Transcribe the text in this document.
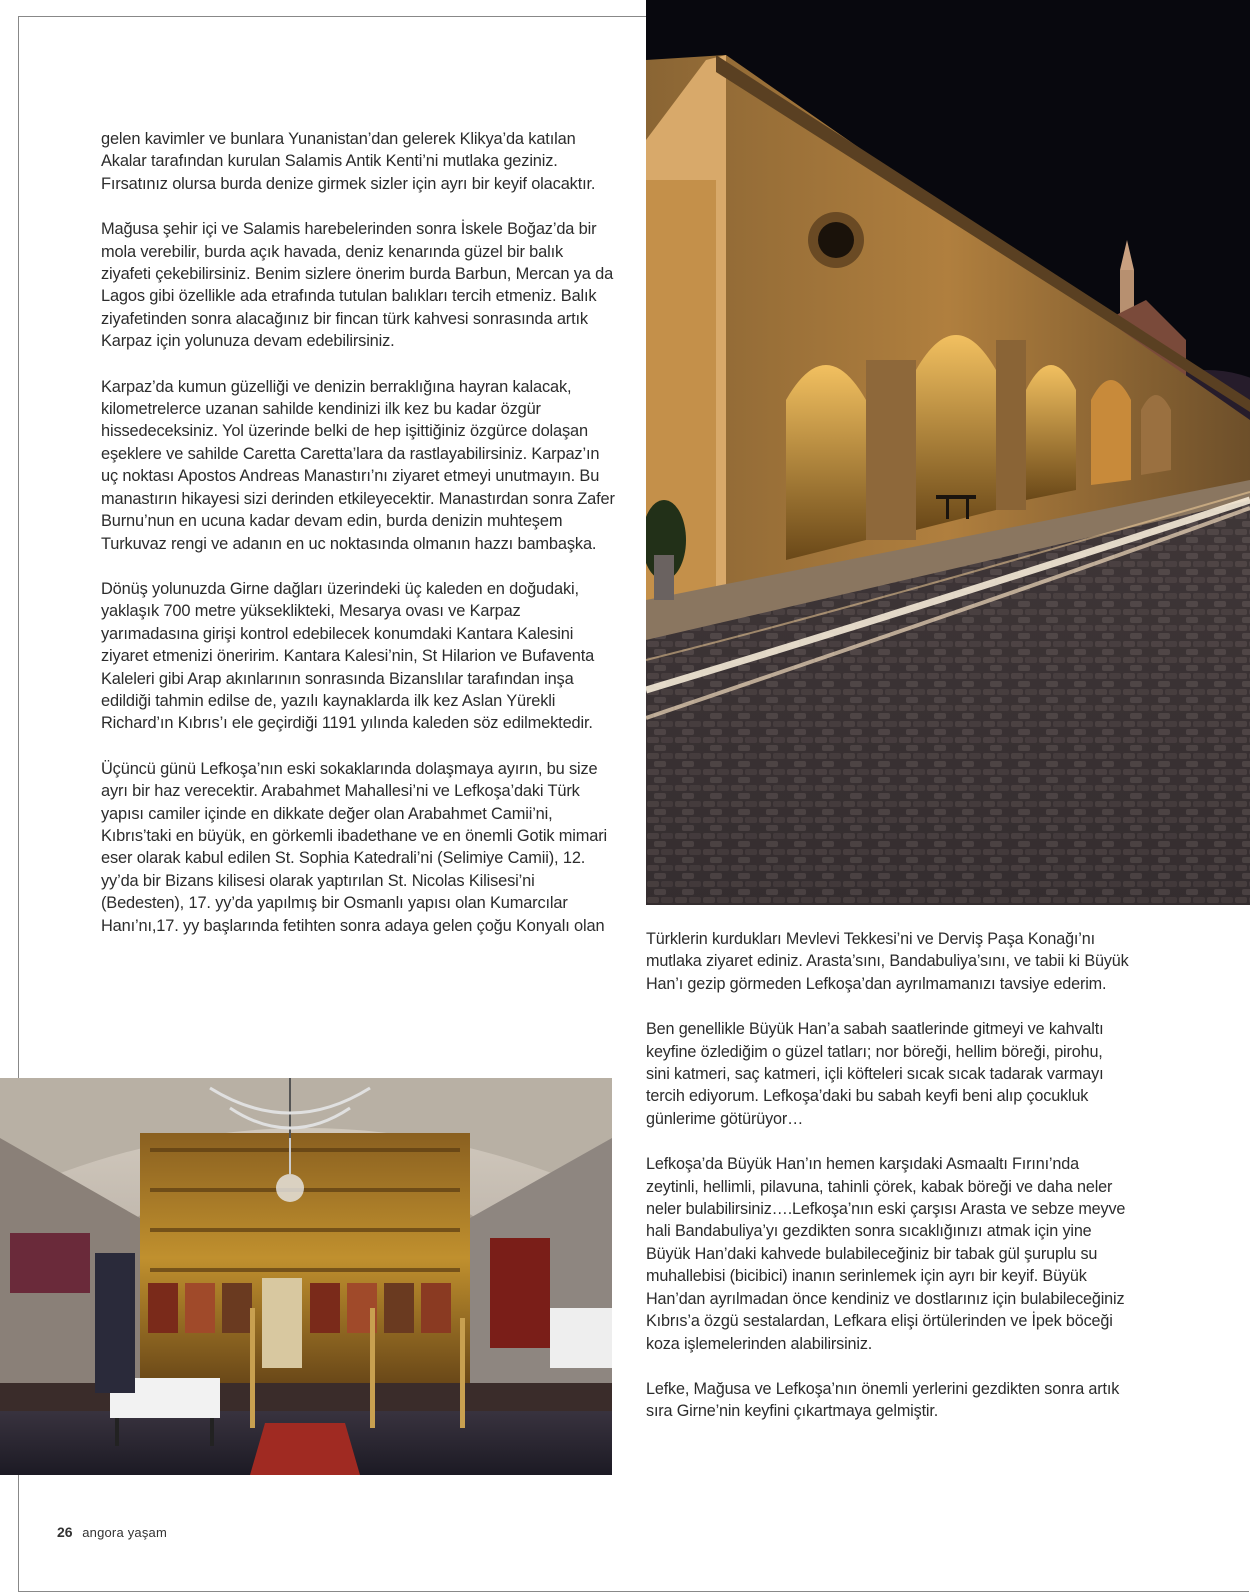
gelen kavimler ve bunlara Yunanistan’dan gelerek Klikya’da katılan Akalar tarafından kurulan Salamis Antik Kenti’ni mutlaka geziniz. Fırsatınız olursa burda denize girmek sizler için ayrı bir keyif olacaktır.

Mağusa şehir içi ve Salamis harebelerinden sonra İskele Boğaz’da bir mola verebilir, burda açık havada, deniz kenarında güzel bir balık ziyafeti çekebilirsiniz. Benim sizlere önerim burda Barbun, Mercan ya da Lagos gibi özellikle ada etrafında tutulan balıkları tercih etmeniz. Balık ziyafetinden sonra alacağınız bir fincan türk kahvesi sonrasında artık Karpaz için yolunuza devam edebilirsiniz.

Karpaz’da kumun güzelliği ve denizin berraklığına hayran kalacak, kilometrelerce uzanan sahilde kendinizi ilk kez bu kadar özgür hissedeceksiniz. Yol üzerinde belki de hep işittiğiniz özgürce dolaşan eşeklere ve sahilde Caretta Caretta’lara da rastlayabilirsiniz. Karpaz’ın uç noktası Apostos Andreas Manastırı’nı ziyaret etmeyi unutmayın. Bu manastırın hikayesi sizi derinden etkileyecektir. Manastırdan sonra Zafer Burnu’nun en ucuna kadar devam edin, burda denizin muhteşem Turkuvaz rengi ve adanın en uc noktasında olmanın hazzı bambaşka.

Dönüş yolunuzda Girne dağları üzerindeki üç kaleden en doğudaki, yaklaşık 700 metre yükseklikteki, Mesarya ovası ve Karpaz yarımadasına girişi kontrol edebilecek konumdaki Kantara Kalesini ziyaret etmenizi öneririm. Kantara Kalesi’nin, St Hilarion ve Bufaventa Kaleleri gibi Arap akınlarının sonrasında Bizanslılar tarafından inşa edildiği tahmin edilse de, yazılı kaynaklarda ilk kez Aslan Yürekli Richard’ın Kıbrıs’ı ele geçirdiği 1191 yılında kaleden söz edilmektedir.

Üçüncü günü Lefkoşa’nın eski sokaklarında dolaşmaya ayırın, bu size ayrı bir haz verecektir. Arabahmet Mahallesi’ni ve Lefkoşa’daki Türk yapısı camiler içinde en dikkate değer olan Arabahmet Camii’ni, Kıbrıs’taki en büyük, en görkemli ibadethane ve en önemli Gotik mimari eser olarak kabul edilen St. Sophia Katedrali’ni (Selimiye Camii), 12. yy’da bir Bizans kilisesi olarak yaptırılan St. Nicolas Kilisesi’ni (Bedesten), 17. yy’da yapılmış bir Osmanlı yapısı olan Kumarcılar Hanı’nı,17. yy başlarında fetihten sonra adaya gelen çoğu Konyalı olan

Türklerin kurdukları Mevlevi Tekkesi’ni ve Derviş Paşa Konağı’nı mutlaka ziyaret ediniz. Arasta’sını, Bandabuliya’sını, ve tabii ki Büyük Han’ı gezip görmeden Lefkoşa’dan ayrılmamanızı tavsiye ederim.

Ben genellikle Büyük Han’a sabah saatlerinde gitmeyi ve kahvaltı keyfine özlediğim o güzel tatları; nor böreği, hellim böreği, pirohu, sini katmeri, saç katmeri, içli köfteleri sıcak sıcak tadarak varmayı tercih ediyorum. Lefkoşa’daki bu sabah keyfi beni alıp çocukluk günlerime götürüyor…

Lefkoşa’da Büyük Han’ın hemen karşıdaki Asmaaltı Fırını’nda zeytinli, hellimli, pilavuna, tahinli çörek, kabak böreği ve daha neler neler bulabilirsiniz….Lefkoşa’nın eski çarşısı Arasta ve sebze meyve hali Bandabuliya’yı gezdikten sonra sıcaklığınızı atmak için yine Büyük Han’daki kahvede bulabileceğiniz bir tabak gül şuruplu su muhallebisi (bicibici) inanın serinlemek için ayrı bir keyif. Büyük Han’dan ayrılmadan önce kendiniz ve dostlarınız için bulabileceğiniz Kıbrıs’a özgü sestalardan, Lefkara elişi örtülerinden ve İpek böceği koza işlemelerinden alabilirsiniz.

Lefke, Mağusa ve Lefkoşa’nın önemli yerlerini gezdikten sonra artık sıra Girne’nin keyfini çıkartmaya gelmiştir.

26 angora yaşam
